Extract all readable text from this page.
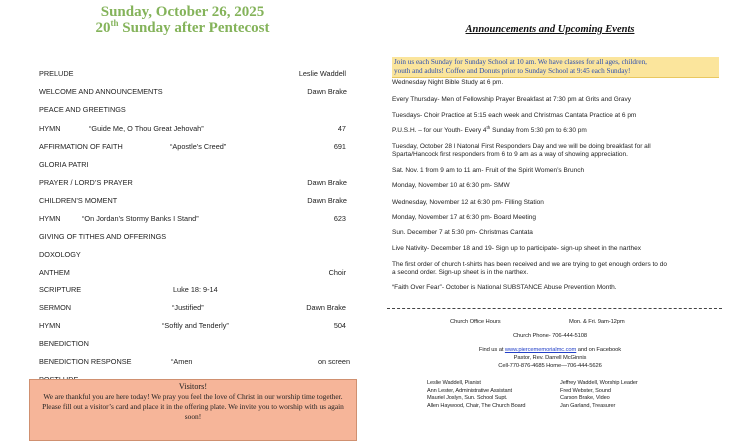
Sunday, October 26, 2025
20th Sunday after Pentecost
PRELUDE	Leslie Waddell
WELCOME AND ANNOUNCEMENTS	Dawn Brake
PEACE AND GREETINGS
HYMN	“Guide Me, O Thou Great Jehovah”	47
AFFIRMATION OF FAITH	“Apostle’s Creed”	691
GLORIA PATRI
PRAYER / LORD’S PRAYER	Dawn Brake
CHILDREN’S MOMENT	Dawn Brake
HYMN	“On Jordan’s Stormy Banks I Stand”	623
GIVING OF TITHES AND OFFERINGS
DOXOLOGY
ANTHEM	Choir
SCRIPTURE	Luke 18: 9-14
SERMON	“Justified”	Dawn Brake
HYMN	“Softly and Tenderly”	504
BENEDICTION
BENEDICTION RESPONSE	“Amen	on screen
Visitors!
We are thankful you are here today! We pray you feel the love of Christ in our worship time together.
Please fill out a visitor’s card and place it in the offering plate. We invite you to worship with us again
soon!
Announcements and Upcoming Events
Join us each Sunday for Sunday School at 10 am. We have classes for all ages, children,
youth and adults! Coffee and Donuts prior to Sunday School at 9:45 each Sunday!
Wednesday Night Bible Study at 6 pm.
Every Thursday- Men of Fellowship Prayer Breakfast at 7:30 pm at Grits and Gravy
Tuesdays- Choir Practice at 5:15 each week and Christmas Cantata Practice at 6 pm
P.U.S.H. – for our Youth- Every 4th Sunday from 5:30 pm to 6:30 pm
Tuesday, October 28 l Natonal First Responders Day and we will be doing breakfast for all
Sparta/Hancock first responders from 6 to 9 am as a way of showing appreciation.
Sat. Nov. 1 from 9 am to 11 am- Fruit of the Spirit Women’s Brunch
Monday, November 10 at 6:30 pm- SMW
Wednesday, November 12 at 6:30 pm- Filling Station
Monday, November 17 at 6:30 pm- Board Meeting
Sun. December 7 at 5:30 pm- Christmas Cantata
Live Nativity- December 18 and 19- Sign up to participate- sign-up sheet in the narthex
The first order of church t-shirts has been received and we are trying to get enough orders to do
a second order. Sign-up sheet is in the narthex.
“Faith Over Fear”- October is National SUBSTANCE Abuse Prevention Month.
Church Office Hours	Mon. & Fri. 9am-12pm
Church Phone- 706-444-5108
Find us at www.piercememorialmc.com and on Facebook
Pastor, Rev. Darrell McGinnis
Cell-770-876-4685 Home—706-444-5626
Leslie Waddell, Pianist
Ann Lester, Administrative Assistant
Mauriel Joslyn, Sun. School Supt.
Allen Haywood, Chair, The Church Board
Jeffrey Waddell, Worship Leader
Fred Webster, Sound
Carson Brake, Video
Jan Garland, Treasurer
